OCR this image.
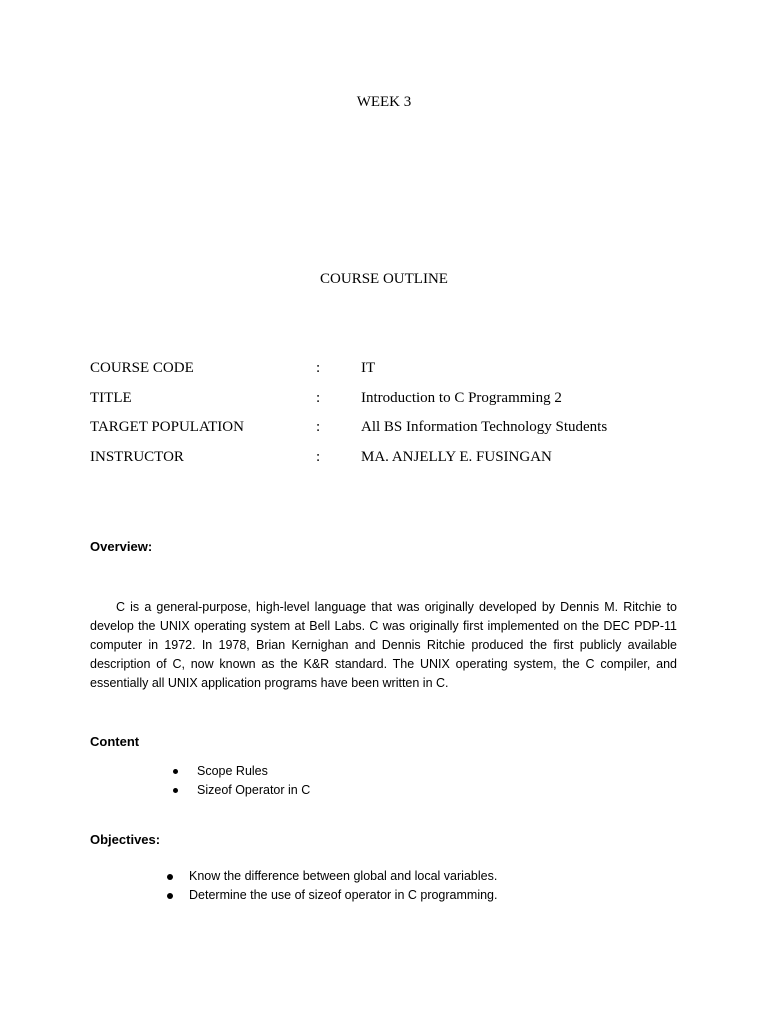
WEEK 3
COURSE OUTLINE
COURSE CODE	:	IT
TITLE	:	Introduction to C Programming 2
TARGET POPULATION	:	All BS Information Technology Students
INSTRUCTOR	:	MA. ANJELLY E. FUSINGAN
Overview:

C is a general-purpose, high-level language that was originally developed by Dennis M. Ritchie to develop the UNIX operating system at Bell Labs. C was originally first implemented on the DEC PDP-11 computer in 1972. In 1978, Brian Kernighan and Dennis Ritchie produced the first publicly available description of C, now known as the K&R standard. The UNIX operating system, the C compiler, and essentially all UNIX application programs have been written in C.

Content
Scope Rules
Sizeof Operator in C
Objectives:
Know the difference between global and local variables.
Determine the use of sizeof operator in C programming.
